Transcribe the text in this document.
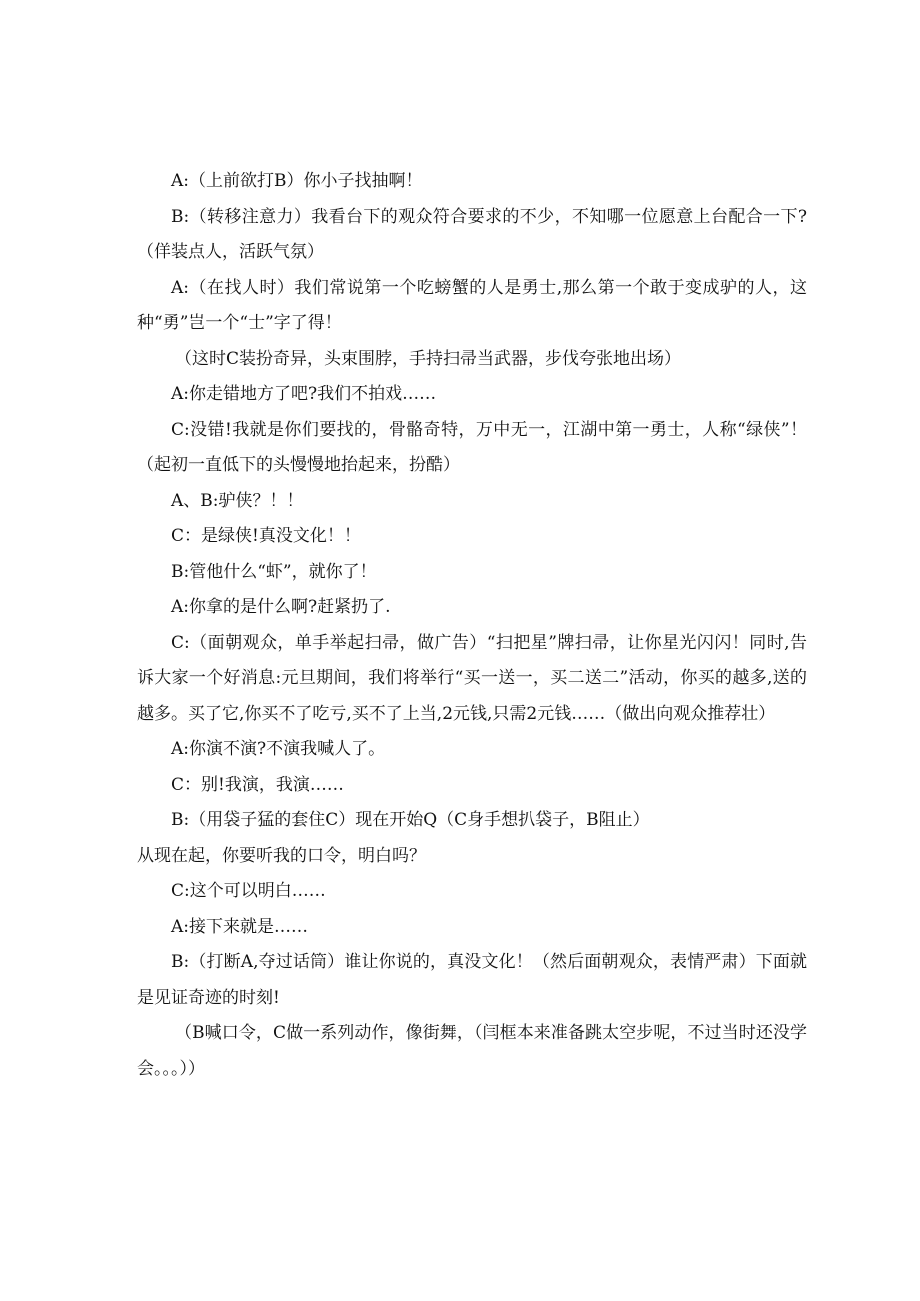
A:（上前欲打B）你小子找抽啊！

B:（转移注意力）我看台下的观众符合要求的不少，不知哪一位愿意上台配合一下?（佯装点人，活跃气氛）

A:（在找人时）我们常说第一个吃螃蟹的人是勇士,那么第一个敢于变成驴的人，这种“勇”岂一个“士”字了得！

（这时C装扮奇异，头束围脖，手持扫帚当武器，步伐夸张地出场）

A:你走错地方了吧?我们不拍戏……

C:没错!我就是你们要找的，骨骼奇特，万中无一，江湖中第一勇士，人称“绿侠”！（起初一直低下的头慢慢地抬起来，扮酷）

A、B:驴侠？！！

C：是绿侠!真没文化！！

B:管他什么“虾”，就你了！

A:你拿的是什么啊?赶紧扔了.

C:（面朝观众，单手举起扫帚，做广告）“扫把星”牌扫帚，让你星光闪闪！同时,告诉大家一个好消息:元旦期间，我们将举行“买一送一，买二送二”活动，你买的越多,送的越多。买了它,你买不了吃亏,买不了上当,2元钱,只需2元钱……（做出向观众推荐壮）

A:你演不演?不演我喊人了。

C：别!我演，我演……

B:（用袋子猛的套住C）现在开始Q（C身手想扒袋子，B阻止）

从现在起，你要听我的口令，明白吗？

C:这个可以明白……

A:接下来就是……

B:（打断A,夺过话筒）谁让你说的，真没文化！（然后面朝观众，表情严肃）下面就是见证奇迹的时刻!

（B喊口令，C做一系列动作，像街舞，（闫框本来准备跳太空步呢，不过当时还没学会。。。））
